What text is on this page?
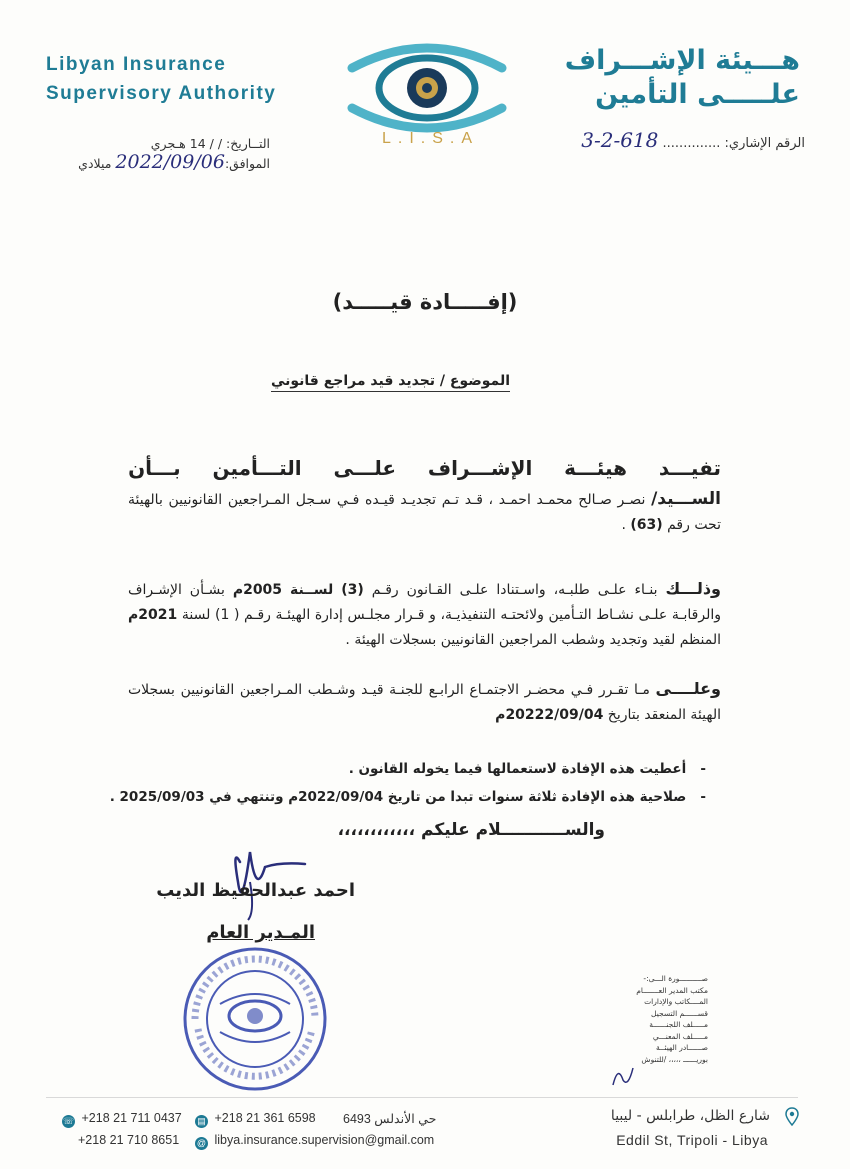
Libyan Insurance
Supervisory Authority
L.I.S.A
هـــيئة الإشـــراف
علـــــى التأمين
التــاريخ: / / 14 هـجري
الموافق:2022/09/06 ميلادي
الرقم الإشاري: .............. 618-2-3
(إفـــــادة قيـــــد)
الموضوع / تجديد قيد مراجع قانوني
تفيـــد
هيئـــة
الإشـــراف
علـــى
التـــأمين
بـــأن
الســـيد/ نصـر صـالح محمـد احمـد ، قـد تـم تجديـد قيـده فـي سـجل المـراجعين القانونيين بالهيئة تحت رقم (63) .
وذلـــك بنـاء علـى طلبـه، واسـتنادا علـى القـانون رقـم (3) لســنة 2005م بشـأن الإشـراف والرقابـة علـى نشـاط التـأمين ولائحتـه التنفيذيـة، و قـرار مجلـس إدارة الهيئـة رقـم ( 1) لسنة 2021م المنظم لقيد وتجديد وشطب المراجعين القانونيين بسجلات الهيئة .
وعلــــى مـا تقـرر فـي محضـر الاجتمـاع الرابـع للجنـة قيـد وشـطب المـراجعين القانونيين بسجلات الهيئة المنعقد بتاريخ 20222/09/04م
-   أعطيت هذه الإفادة لاستعمالها فيما يخوله القانون .
-   صلاحية هذه الإفادة ثلاثة سنوات تبدا من تاريخ 2022/09/04م وتنتهي في 2025/09/03 .
والســـــــــــلام عليكم ،،،،،،،،،،،،
احمد عبدالحفيظ الديب
المـدير العام
صــــــــــورة الـــى:-
مكتب المدير العـــــــام
المــــكاتب والإدارات
قســــــم التسجيل
مـــــلف اللجنــــــة
مـــــلف المعنـــي
صــــــادر الهيئــة
بوريــــــ ،،،،، /للتنوش
☏ +218 21 711 0437 ▤ +218 21 361 6598 حي الأندلس 6493
+218 21 710 8651 @ libya.insurance.supervision@gmail.com
شارع الظل، طرابلس - ليبيا
Eddil St, Tripoli - Libya
